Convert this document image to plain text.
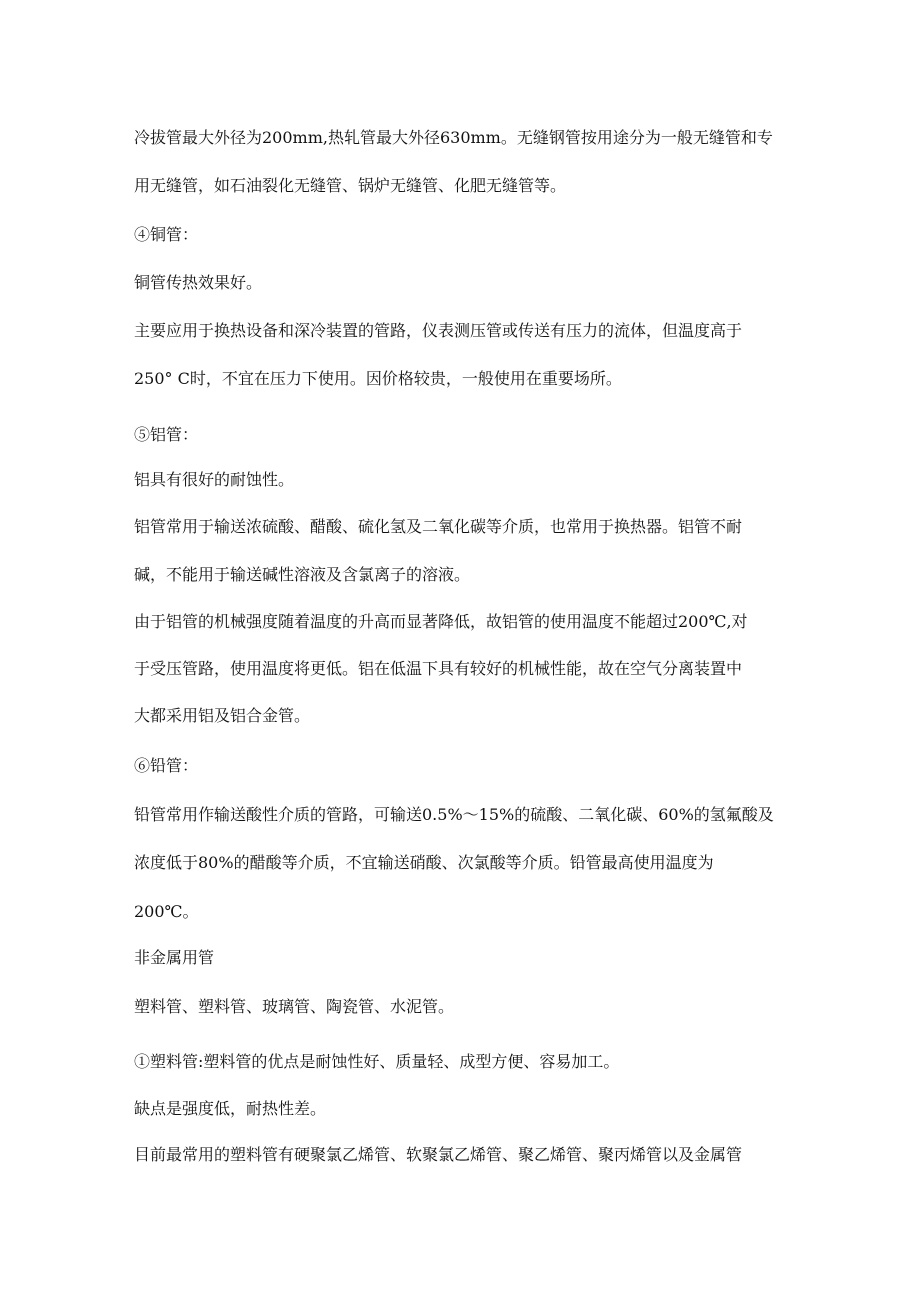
冷拔管最大外径为200mm,热轧管最大外径630mm。无缝钢管按用途分为一般无缝管和专
用无缝管，如石油裂化无缝管、锅炉无缝管、化肥无缝管等。
④铜管：
铜管传热效果好。
主要应用于换热设备和深冷装置的管路，仪表测压管或传送有压力的流体，但温度高于
250° C时，不宜在压力下使用。因价格较贵，一般使用在重要场所。
⑤铝管：
铝具有很好的耐蚀性。
铝管常用于输送浓硫酸、醋酸、硫化氢及二氧化碳等介质，也常用于换热器。铝管不耐
碱，不能用于输送碱性溶液及含氯离子的溶液。
由于铝管的机械强度随着温度的升高而显著降低，故铝管的使用温度不能超过200℃,对
于受压管路，使用温度将更低。铝在低温下具有较好的机械性能，故在空气分离装置中
大都采用铝及铝合金管。
⑥铅管：
铅管常用作输送酸性介质的管路，可输送0.5%～15%的硫酸、二氧化碳、60%的氢氟酸及
浓度低于80%的醋酸等介质，不宜输送硝酸、次氯酸等介质。铅管最高使用温度为
200℃。
非金属用管
塑料管、塑料管、玻璃管、陶瓷管、水泥管。
①塑料管:塑料管的优点是耐蚀性好、质量轻、成型方便、容易加工。
缺点是强度低，耐热性差。
目前最常用的塑料管有硬聚氯乙烯管、软聚氯乙烯管、聚乙烯管、聚丙烯管以及金属管
